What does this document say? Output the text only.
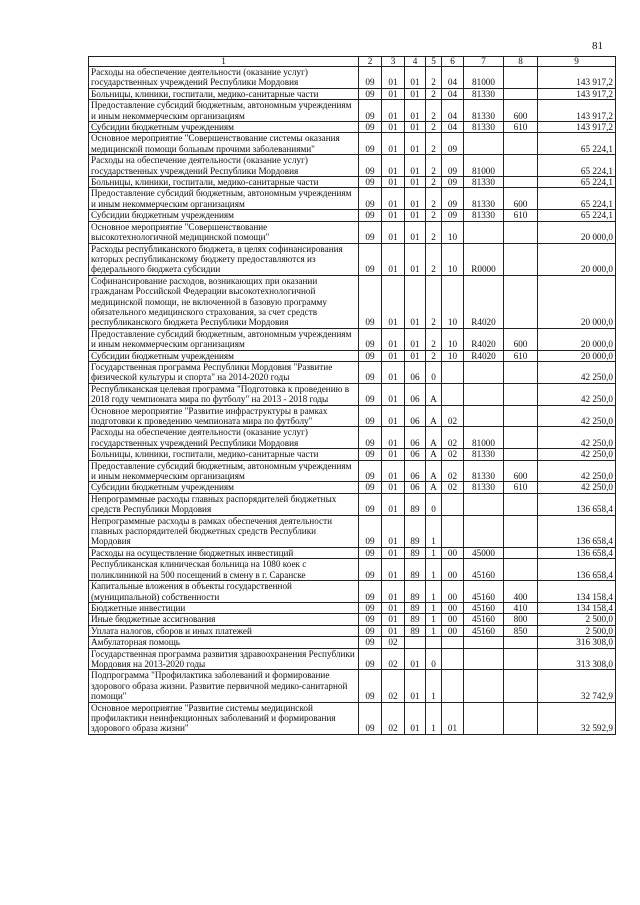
81
1	2	3	4	5	6	7	8	9
Расходы на обеспечение деятельности (оказание услуг) государственных учреждений Республики Мордовия	09	01	01	2	04	81000		143 917,2
Больницы, клиники, госпитали, медико-санитарные части	09	01	01	2	04	81330		143 917,2
Предоставление субсидий бюджетным, автономным учреждениям и иным некоммерческим организациям	09	01	01	2	04	81330	600	143 917,2
Субсидии бюджетным учреждениям	09	01	01	2	04	81330	610	143 917,2
Основное мероприятие "Совершенствование системы оказания медицинской помощи больным прочими заболеваниями"	09	01	01	2	09			65 224,1
Расходы на обеспечение деятельности (оказание услуг) государственных учреждений Республики Мордовия	09	01	01	2	09	81000		65 224,1
Больницы, клиники, госпитали, медико-санитарные части	09	01	01	2	09	81330		65 224,1
Предоставление субсидий бюджетным, автономным учреждениям и иным некоммерческим организациям	09	01	01	2	09	81330	600	65 224,1
Субсидии бюджетным учреждениям	09	01	01	2	09	81330	610	65 224,1
Основное мероприятие "Совершенствование высокотехнологичной медицинской помощи"	09	01	01	2	10			20 000,0
Расходы республиканского бюджета, в целях софинансирования которых республиканскому бюджету предоставляются из федерального бюджета субсидии	09	01	01	2	10	R0000		20 000,0
Софинансирование расходов, возникающих при оказании гражданам Российской Федерации высокотехнологичной медицинской помощи, не включенной в базовую программу обязательного медицинского страхования, за счет средств республиканского бюджета Республики Мордовия	09	01	01	2	10	R4020		20 000,0
Предоставление субсидий бюджетным, автономным учреждениям и иным некоммерческим организациям	09	01	01	2	10	R4020	600	20 000,0
Субсидии бюджетным учреждениям	09	01	01	2	10	R4020	610	20 000,0
Государственная программа Республики Мордовия "Развитие физической культуры и спорта" на 2014-2020 годы	09	01	06	0				42 250,0
Республиканская целевая программа "Подготовка к проведению в 2018 году чемпионата мира по футболу" на 2013 - 2018 годы	09	01	06	А				42 250,0
Основное мероприятие "Развитие инфраструктуры в рамках подготовки к проведению чемпионата мира по футболу"	09	01	06	А	02			42 250,0
Расходы на обеспечение деятельности (оказание услуг) государственных учреждений Республики Мордовия	09	01	06	А	02	81000		42 250,0
Больницы, клиники, госпитали, медико-санитарные части	09	01	06	А	02	81330		42 250,0
Предоставление субсидий бюджетным, автономным учреждениям и иным некоммерческим организациям	09	01	06	А	02	81330	600	42 250,0
Субсидии бюджетным учреждениям	09	01	06	А	02	81330	610	42 250,0
Непрограммные расходы главных распорядителей бюджетных средств Республики Мордовия	09	01	89	0				136 658,4
Непрограммные расходы в рамках обеспечения деятельности главных распорядителей бюджетных средств Республики Мордовия	09	01	89	1				136 658,4
Расходы на осуществление бюджетных инвестиций	09	01	89	1	00	45000		136 658,4
Республиканская клиническая больница на 1080 коек с поликлиникой на 500 посещений в смену в г. Саранске	09	01	89	1	00	45160		136 658,4
Капитальные вложения в объекты государственной (муниципальной) собственности	09	01	89	1	00	45160	400	134 158,4
Бюджетные инвестиции	09	01	89	1	00	45160	410	134 158,4
Иные бюджетные ассигнования	09	01	89	1	00	45160	800	2 500,0
Уплата налогов, сборов и иных платежей	09	01	89	1	00	45160	850	2 500,0
Амбулаторная помощь	09	02						316 308,0
Государственная программа развития здравоохранения Республики Мордовия на 2013-2020 годы	09	02	01	0				313 308,0
Подпрограмма "Профилактика заболеваний и формирование здорового образа жизни. Развитие первичной медико-санитарной помощи"	09	02	01	1				32 742,9
Основное мероприятие "Развитие системы медицинской профилактики неинфекционных заболеваний и формирования здорового образа жизни"	09	02	01	1	01			32 592,9
